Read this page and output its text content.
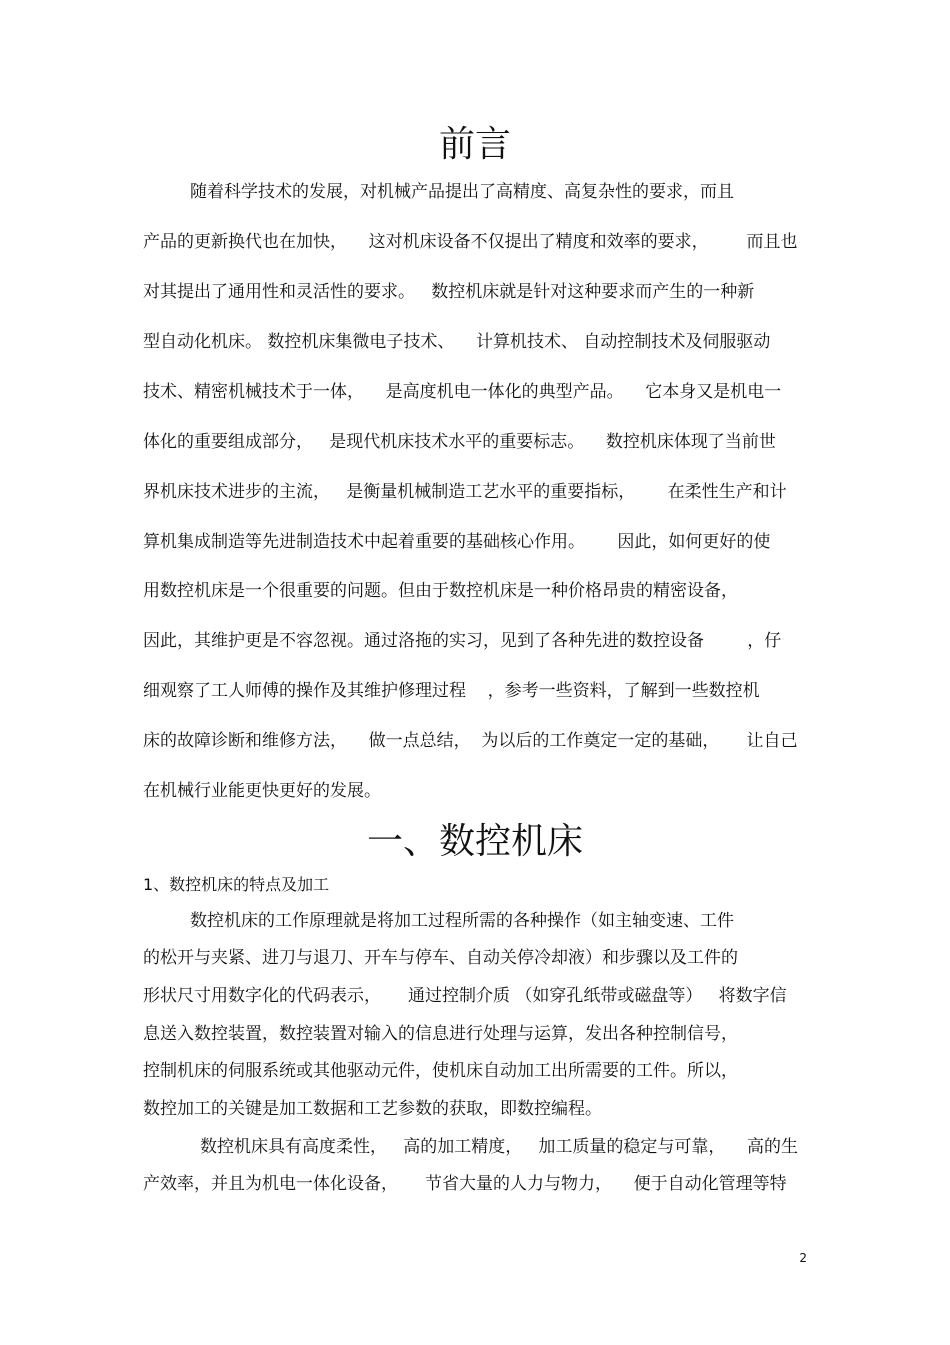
前言
随着科学技术的发展，对机械产品提出了高精度、高复杂性的要求，而且
产品的更新换代也在加快，    这对机床设备不仅提出了精度和效率的要求，       而且也
对其提出了通用性和灵活性的要求。   数控机床就是针对这种要求而产生的一种新
型自动化机床。 数控机床集微电子技术、    计算机技术、 自动控制技术及伺服驱动
技术、精密机械技术于一体，    是高度机电一体化的典型产品。    它本身又是机电一
体化的重要组成部分，   是现代机床技术水平的重要标志。    数控机床体现了当前世
界机床技术进步的主流，   是衡量机械制造工艺水平的重要指标，      在柔性生产和计
算机集成制造等先进制造技术中起着重要的基础核心作用。      因此，如何更好的使
用数控机床是一个很重要的问题。但由于数控机床是一种价格昂贵的精密设备，
因此，其维护更是不容忽视。通过洛拖的实习，见到了各种先进的数控设备        ，仔
细观察了工人师傅的操作及其维护修理过程    ，参考一些资料，了解到一些数控机
床的故障诊断和维修方法，    做一点总结，  为以后的工作奠定一定的基础，     让自己
在机械行业能更快更好的发展。
一、数控机床
1、数控机床的特点及加工
数控机床的工作原理就是将加工过程所需的各种操作（如主轴变速、工件
的松开与夹紧、进刀与退刀、开车与停车、自动关停冷却液）和步骤以及工件的
形状尺寸用数字化的代码表示，     通过控制介质 （如穿孔纸带或磁盘等）   将数字信
息送入数控装置，数控装置对输入的信息进行处理与运算，发出各种控制信号，
控制机床的伺服系统或其他驱动元件，使机床自动加工出所需要的工件。所以，
数控加工的关键是加工数据和工艺参数的获取，即数控编程。
数控机床具有高度柔性，   高的加工精度，   加工质量的稳定与可靠，    高的生
产效率，并且为机电一体化设备，     节省大量的人力与物力，    便于自动化管理等特
2
